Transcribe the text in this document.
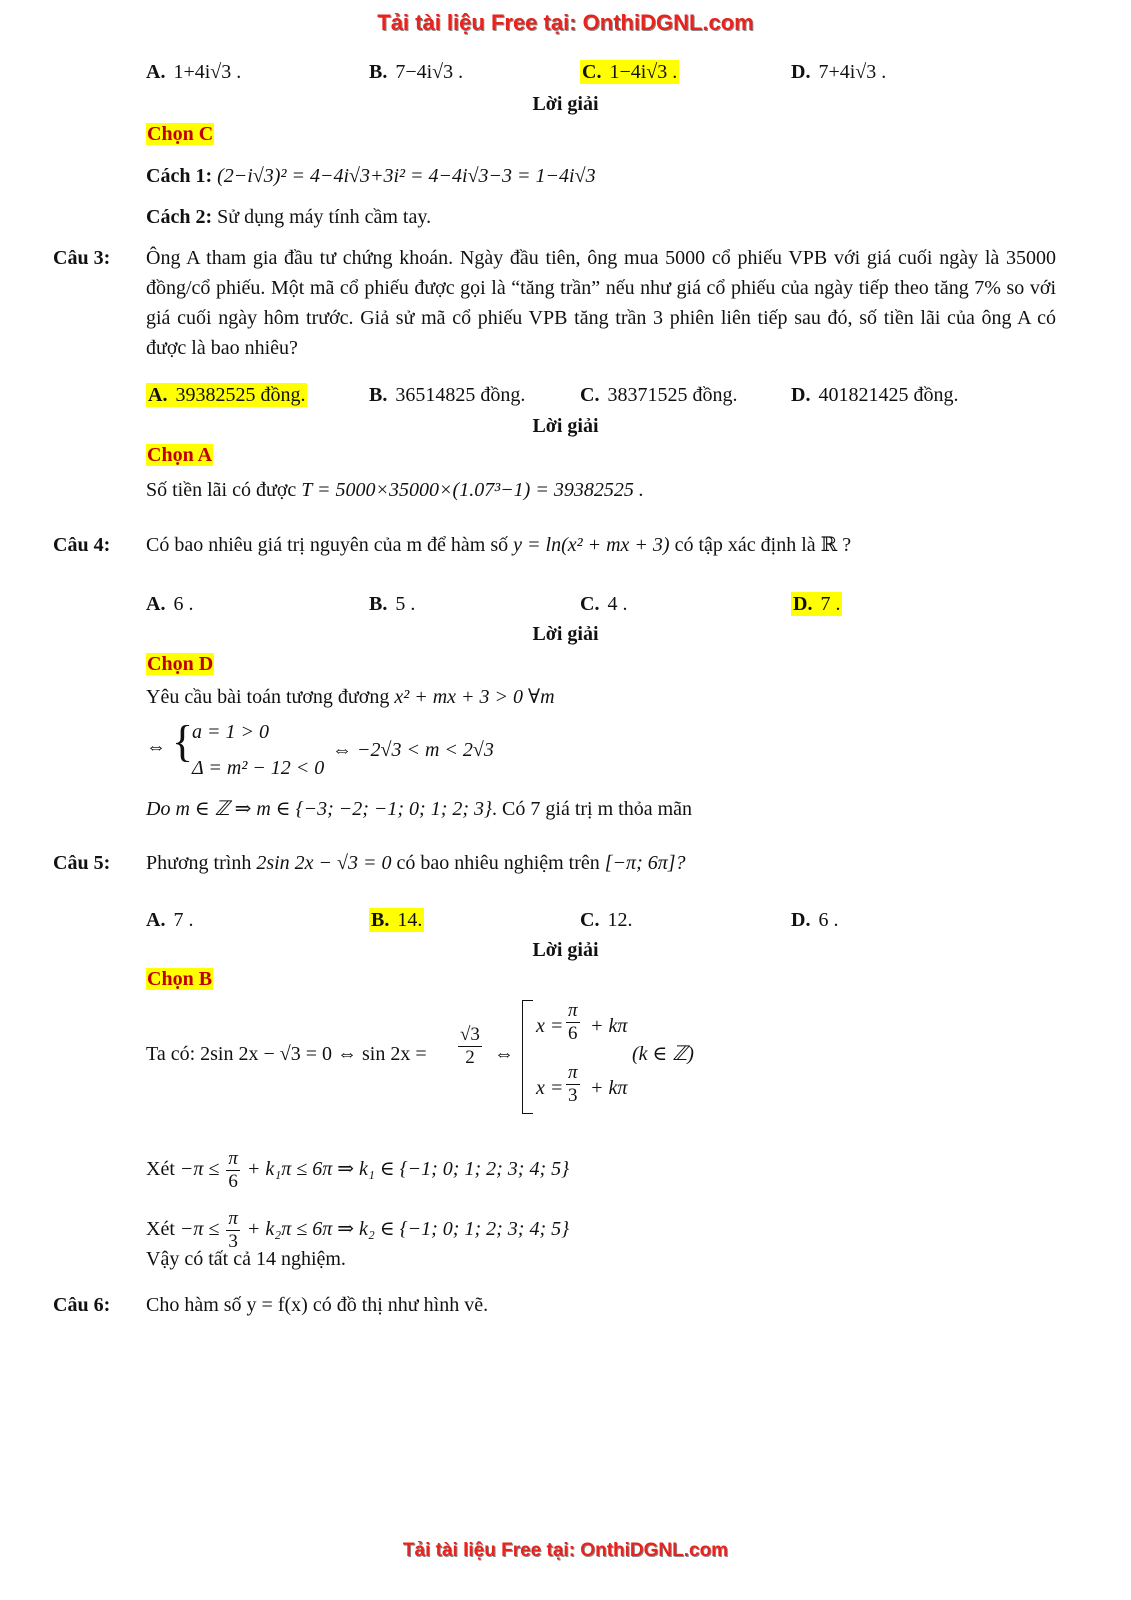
Tải tài liệu Free tại: OnthiDGNL.com
A. 1+4i√3 .	B. 7−4i√3 .	C. 1−4i√3 .	D. 7+4i√3 .
Lời giải
Chọn C
Cách 1: (2−i√3)² = 4−4i√3+3i² = 4−4i√3−3 = 1−4i√3
Cách 2: Sử dụng máy tính cầm tay.
Câu 3: Ông A tham gia đầu tư chứng khoán. Ngày đầu tiên, ông mua 5000 cổ phiếu VPB với giá cuối ngày là 35000 đồng/cổ phiếu. Một mã cổ phiếu được gọi là “tăng trần” nếu như giá cổ phiếu của ngày tiếp theo tăng 7% so với giá cuối ngày hôm trước. Giả sử mã cổ phiếu VPB tăng trần 3 phiên liên tiếp sau đó, số tiền lãi của ông A có được là bao nhiêu?
A. 39382525 đồng.	B. 36514825 đồng.	C. 38371525 đồng.	D. 401821425 đồng.
Lời giải
Chọn A
Số tiền lãi có được T = 5000×35000×(1.07³−1) = 39382525 .
Câu 4: Có bao nhiêu giá trị nguyên của m để hàm số y = ln(x² + mx + 3) có tập xác định là ℝ ?
A. 6 .	B. 5 .	C. 4 .	D. 7 .
Lời giải
Chọn D
Yêu cầu bài toán tương đương x² + mx + 3 > 0 ∀m
⇔ {
a = 1 > 0
Δ = m² − 12 < 0
⇔ −2√3 < m < 2√3
Do m ∈ ℤ ⇒ m ∈ {−3; −2; −1; 0; 1; 2; 3}. Có 7 giá trị m thỏa mãn
Câu 5: Phương trình 2sin 2x − √3 = 0 có bao nhiêu nghiệm trên [−π; 6π]?
A. 7 .	B. 14.	C. 12.	D. 6 .
Lời giải
Chọn B
Ta có: 2sin 2x − √3 = 0 ⇔ $\sin 2x = \frac{√3}{2}$ ⇔
$x = \frac{\pi}{6} + k\pi$
$x = \frac{\pi}{3} + k\pi$
(k ∈ ℤ)
Xét $-\pi \le \frac{\pi}{6} + k_1\pi \le 6\pi$ ⇒ k₁ ∈ {−1; 0; 1; 2; 3; 4; 5}
Xét $-\pi \le \frac{\pi}{3} + k_2\pi \le 6\pi$ ⇒ k₂ ∈ {−1; 0; 1; 2; 3; 4; 5}
Vậy có tất cả 14 nghiệm.
Câu 6: Cho hàm số y = f(x) có đồ thị như hình vẽ.
Tải tài liệu Free tại: OnthiDGNL.com
